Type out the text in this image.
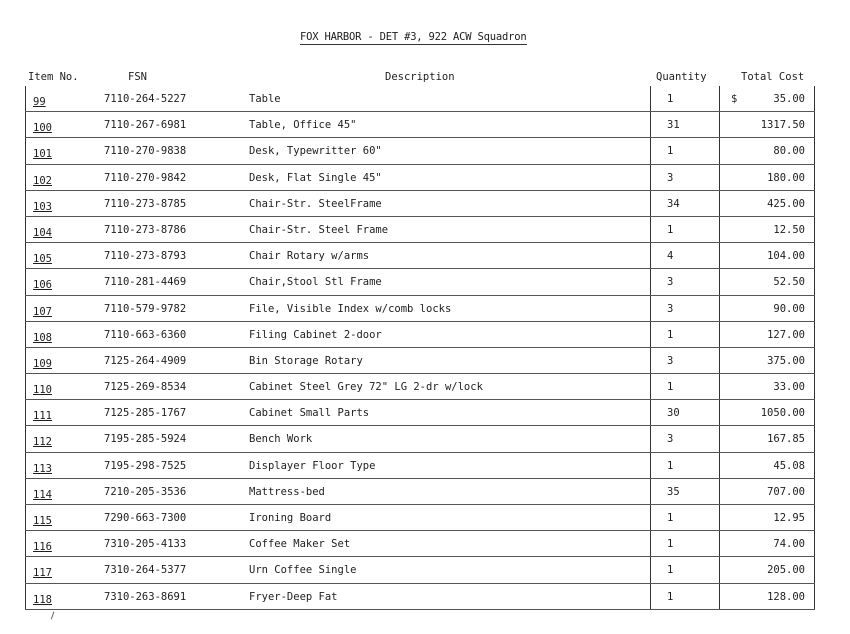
FOX HARBOR - DET #3, 922 ACW Squadron
Item No.	FSN	Description	Quantity	Total Cost
99	7110-264-5227	Table	1	$	35.00
100	7110-267-6981	Table, Office 45"	31	1317.50
101	7110-270-9838	Desk, Typewritter 60"	1	80.00
102	7110-270-9842	Desk, Flat Single 45"	3	180.00
103	7110-273-8785	Chair-Str. SteelFrame	34	425.00
104	7110-273-8786	Chair-Str. Steel Frame	1	12.50
105	7110-273-8793	Chair Rotary w/arms	4	104.00
106	7110-281-4469	Chair,Stool Stl Frame	3	52.50
107	7110-579-9782	File, Visible Index w/comb locks	3	90.00
108	7110-663-6360	Filing Cabinet 2-door	1	127.00
109	7125-264-4909	Bin Storage Rotary	3	375.00
110	7125-269-8534	Cabinet Steel Grey 72" LG 2-dr w/lock	1	33.00
111	7125-285-1767	Cabinet Small Parts	30	1050.00
112	7195-285-5924	Bench Work	3	167.85
113	7195-298-7525	Displayer Floor Type	1	45.08
114	7210-205-3536	Mattress-bed	35	707.00
115	7290-663-7300	Ironing Board	1	12.95
116	7310-205-4133	Coffee Maker Set	1	74.00
117	7310-264-5377	Urn Coffee Single	1	205.00
118	7310-263-8691	Fryer-Deep Fat	1	128.00
